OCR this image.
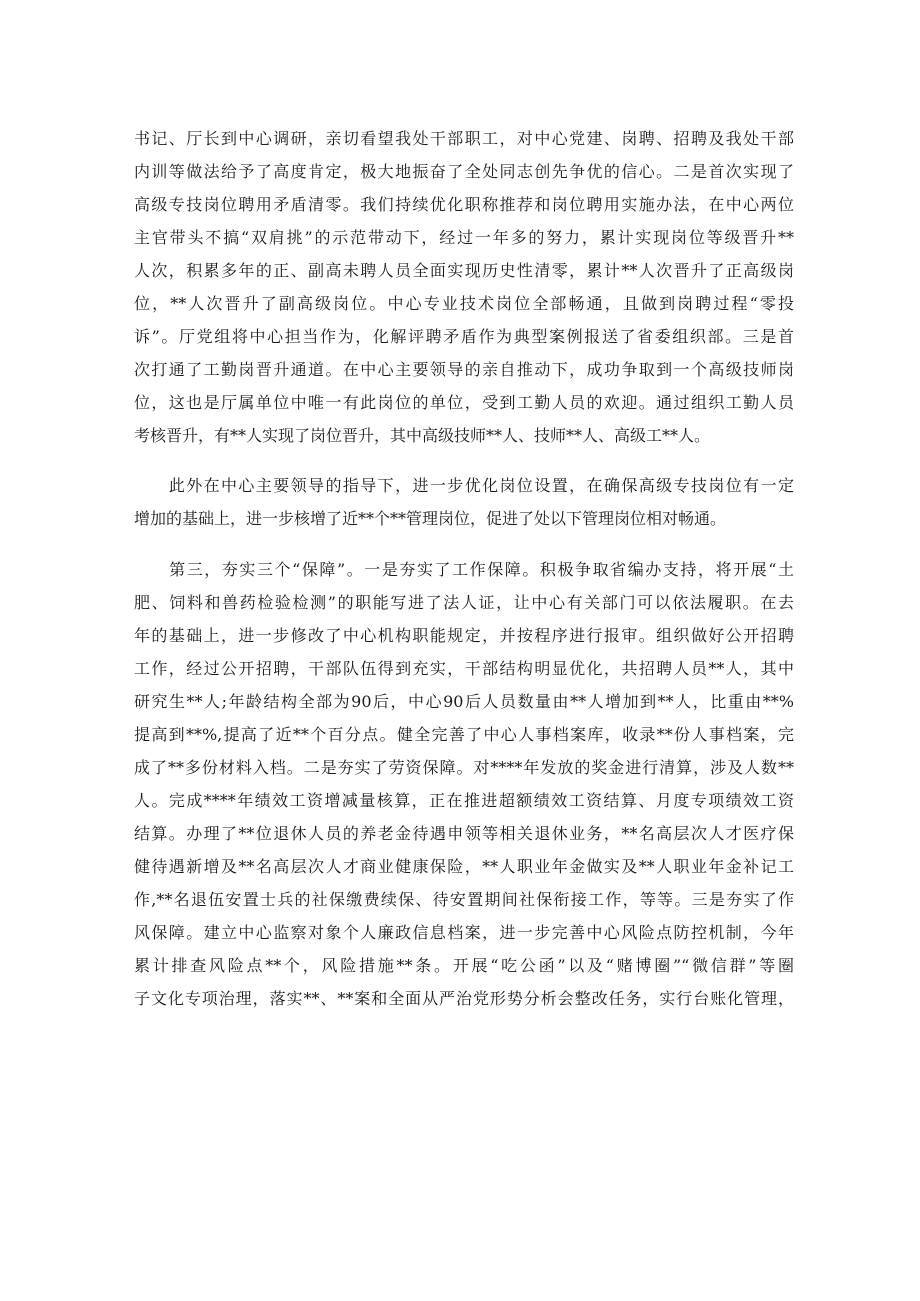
书记、厅长到中心调研，亲切看望我处干部职工，对中心党建、岗聘、招聘及我处干部
内训等做法给予了高度肯定，极大地振奋了全处同志创先争优的信心。二是首次实现了
高级专技岗位聘用矛盾清零。我们持续优化职称推荐和岗位聘用实施办法，在中心两位
主官带头不搞“双肩挑”的示范带动下，经过一年多的努力，累计实现岗位等级晋升**
人次，积累多年的正、副高未聘人员全面实现历史性清零，累计**人次晋升了正高级岗
位，**人次晋升了副高级岗位。中心专业技术岗位全部畅通，且做到岗聘过程“零投
诉”。厅党组将中心担当作为，化解评聘矛盾作为典型案例报送了省委组织部。三是首
次打通了工勤岗晋升通道。在中心主要领导的亲自推动下，成功争取到一个高级技师岗
位，这也是厅属单位中唯一有此岗位的单位，受到工勤人员的欢迎。通过组织工勤人员
考核晋升，有**人实现了岗位晋升，其中高级技师**人、技师**人、高级工**人。
　　此外在中心主要领导的指导下，进一步优化岗位设置，在确保高级专技岗位有一定
增加的基础上，进一步核增了近**个**管理岗位，促进了处以下管理岗位相对畅通。
　　第三，夯实三个“保障”。一是夯实了工作保障。积极争取省编办支持，将开展“土
肥、饲料和兽药检验检测”的职能写进了法人证，让中心有关部门可以依法履职。在去
年的基础上，进一步修改了中心机构职能规定，并按程序进行报审。组织做好公开招聘
工作，经过公开招聘，干部队伍得到充实，干部结构明显优化，共招聘人员**人，其中
研究生**人;年龄结构全部为90后，中心90后人员数量由**人增加到**人，比重由**%
提高到**%,提高了近**个百分点。健全完善了中心人事档案库，收录**份人事档案，完
成了**多份材料入档。二是夯实了劳资保障。对****年发放的奖金进行清算，涉及人数**
人。完成****年绩效工资增减量核算，正在推进超额绩效工资结算、月度专项绩效工资
结算。办理了**位退休人员的养老金待遇申领等相关退休业务，**名高层次人才医疗保
健待遇新增及**名高层次人才商业健康保险，**人职业年金做实及**人职业年金补记工
作,**名退伍安置士兵的社保缴费续保、待安置期间社保衔接工作，等等。三是夯实了作
风保障。建立中心监察对象个人廉政信息档案，进一步完善中心风险点防控机制，今年
累计排查风险点**个，风险措施**条。开展“吃公函”以及“赌博圈”“微信群”等圈
子文化专项治理，落实**、**案和全面从严治党形势分析会整改任务，实行台账化管理，
